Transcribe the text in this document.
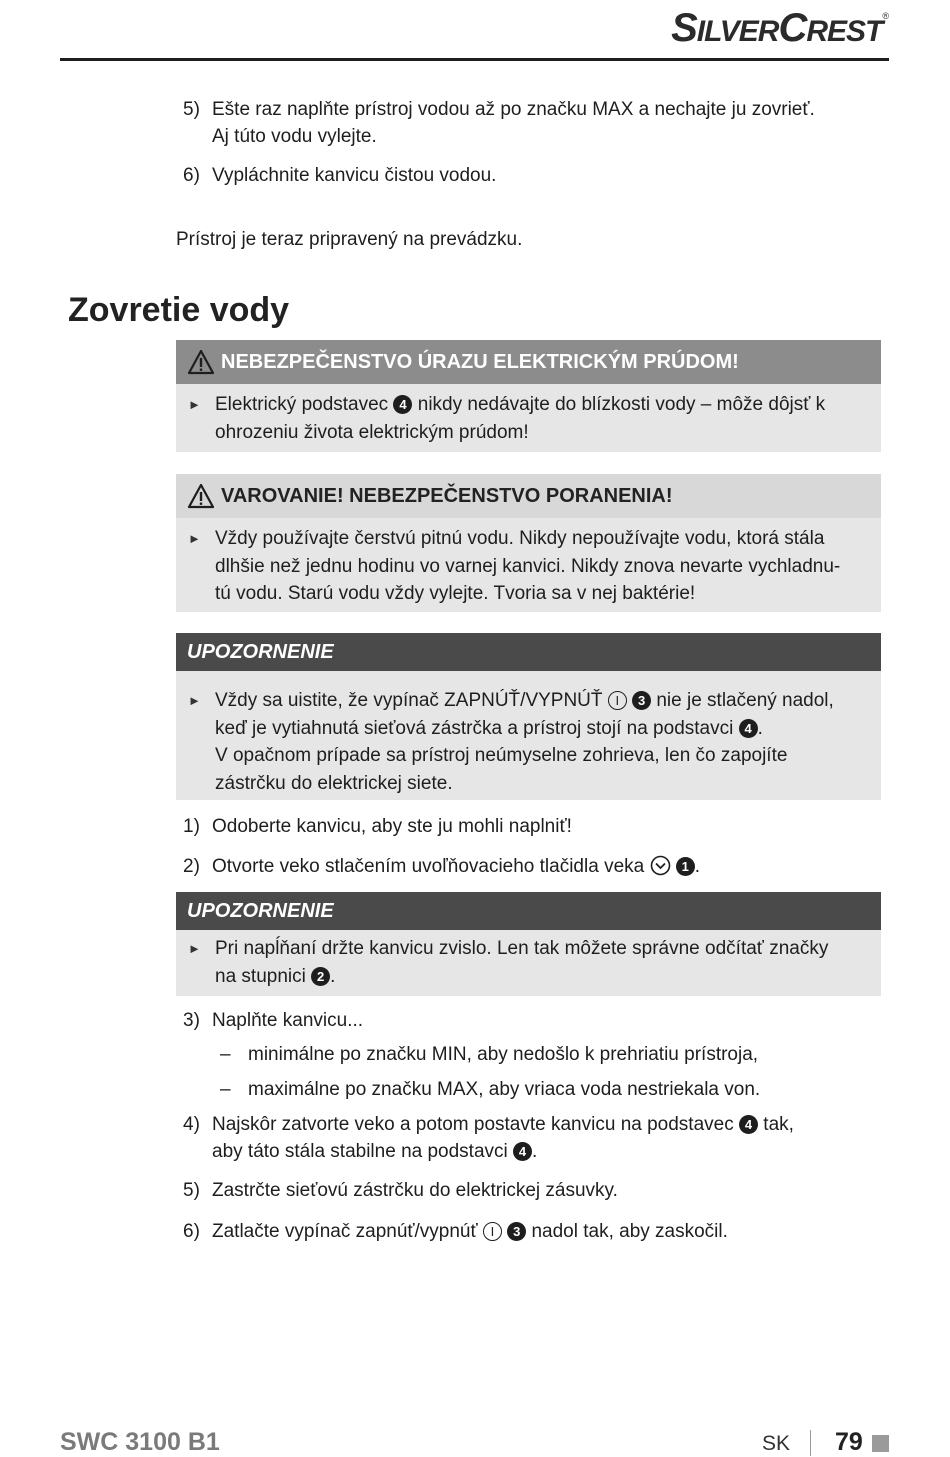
SILVERCREST®
5) Ešte raz naplňte prístroj vodou až po značku MAX a nechajte ju zovrieť.
Aj túto vodu vylejte.
6) Vypláchnite kanvicu čistou vodou.
Prístroj je teraz pripravený na prevádzku.
Zovretie vody
NEBEZPEČENSTVO ÚRAZU ELEKTRICKÝM PRÚDOM!
► Elektrický podstavec 4 nikdy nedávajte do blízkosti vody – môže dôjsť k
ohrozeniu života elektrickým prúdom!
VAROVANIE! NEBEZPEČENSTVO PORANENIA!
► Vždy používajte čerstvú pitnú vodu. Nikdy nepoužívajte vodu, ktorá stála
dlhšie než jednu hodinu vo varnej kanvici. Nikdy znova nevarte vychladnu-
tú vodu. Starú vodu vždy vylejte. Tvoria sa v nej baktérie!
UPOZORNENIE
► Vždy sa uistite, že vypínač ZAPNÚŤ/VYPNÚŤ I 3 nie je stlačený nadol,
keď je vytiahnutá sieťová zástrčka a prístroj stojí na podstavci 4 .
V opačnom prípade sa prístroj neúmyselne zohrieva, len čo zapojíte
zástrčku do elektrickej siete.
1) Odoberte kanvicu, aby ste ju mohli naplniť!
2) Otvorte veko stlačením uvoľňovacieho tlačidla veka	1 .
UPOZORNENIE
► Pri napĺňaní držte kanvicu zvislo. Len tak môžete správne odčítať značky
na stupnici 2 .
3) Naplňte kanvicu...
– minimálne po značku MIN, aby nedošlo k prehriatiu prístroja,
– maximálne po značku MAX, aby vriaca voda nestriekala von.
4) Najskôr zatvorte veko a potom postavte kanvicu na podstavec 4 tak,
aby táto stála stabilne na podstavci 4 .
5) Zastrčte sieťovú zástrčku do elektrickej zásuvky.
6) Zatlačte vypínač zapnúť/vypnúť I 3 nadol tak, aby zaskočil.
SWC 3100 B1	SK 79
